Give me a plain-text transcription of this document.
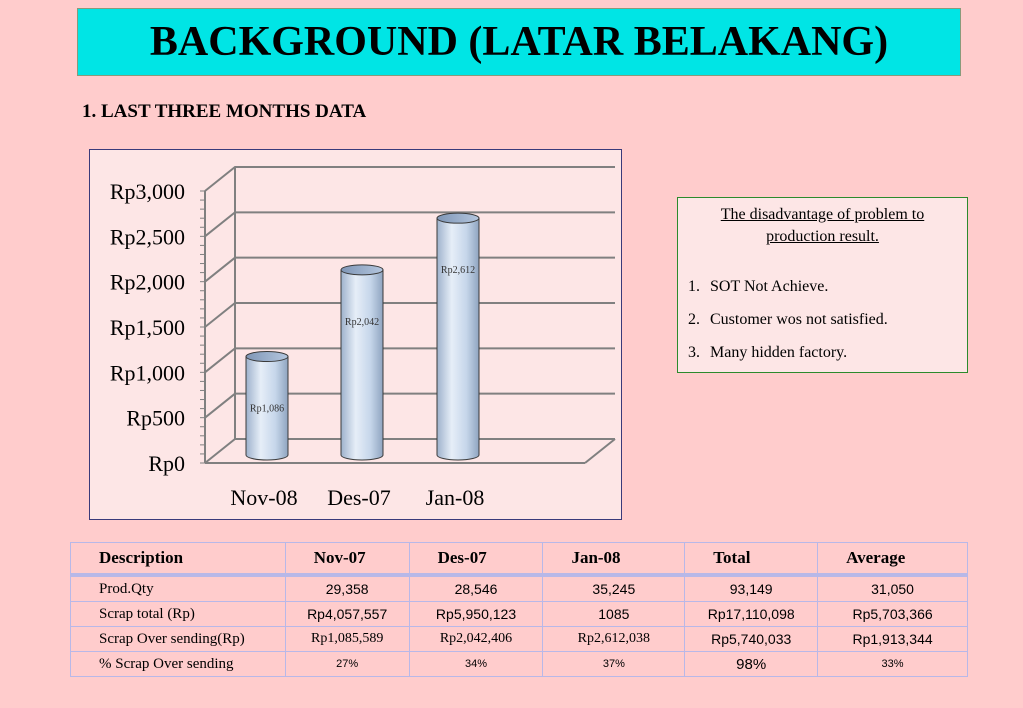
BACKGROUND (LATAR BELAKANG)
1. LAST THREE MONTHS DATA
Rp0
Rp500
Rp1,000
Rp1,500
Rp2,000
Rp2,500
Rp3,000
Rp1,086
Nov-08
Rp2,042
Des-07
Rp2,612
Jan-08
The disadvantage of problem to production result.
1. SOT Not Achieve.
2. Customer wos not satisfied.
3. Many hidden factory.
Description	Nov-07	Des-07	Jan-08	Total	Average
Prod.Qty	29,358	28,546	35,245	93,149	31,050
Scrap total (Rp)	Rp4,057,557	Rp5,950,123	1085	Rp17,110,098	Rp5,703,366
Scrap Over sending(Rp)	Rp1,085,589	Rp2,042,406	Rp2,612,038	Rp5,740,033	Rp1,913,344
% Scrap Over sending	27%	34%	37%	98%	33%
